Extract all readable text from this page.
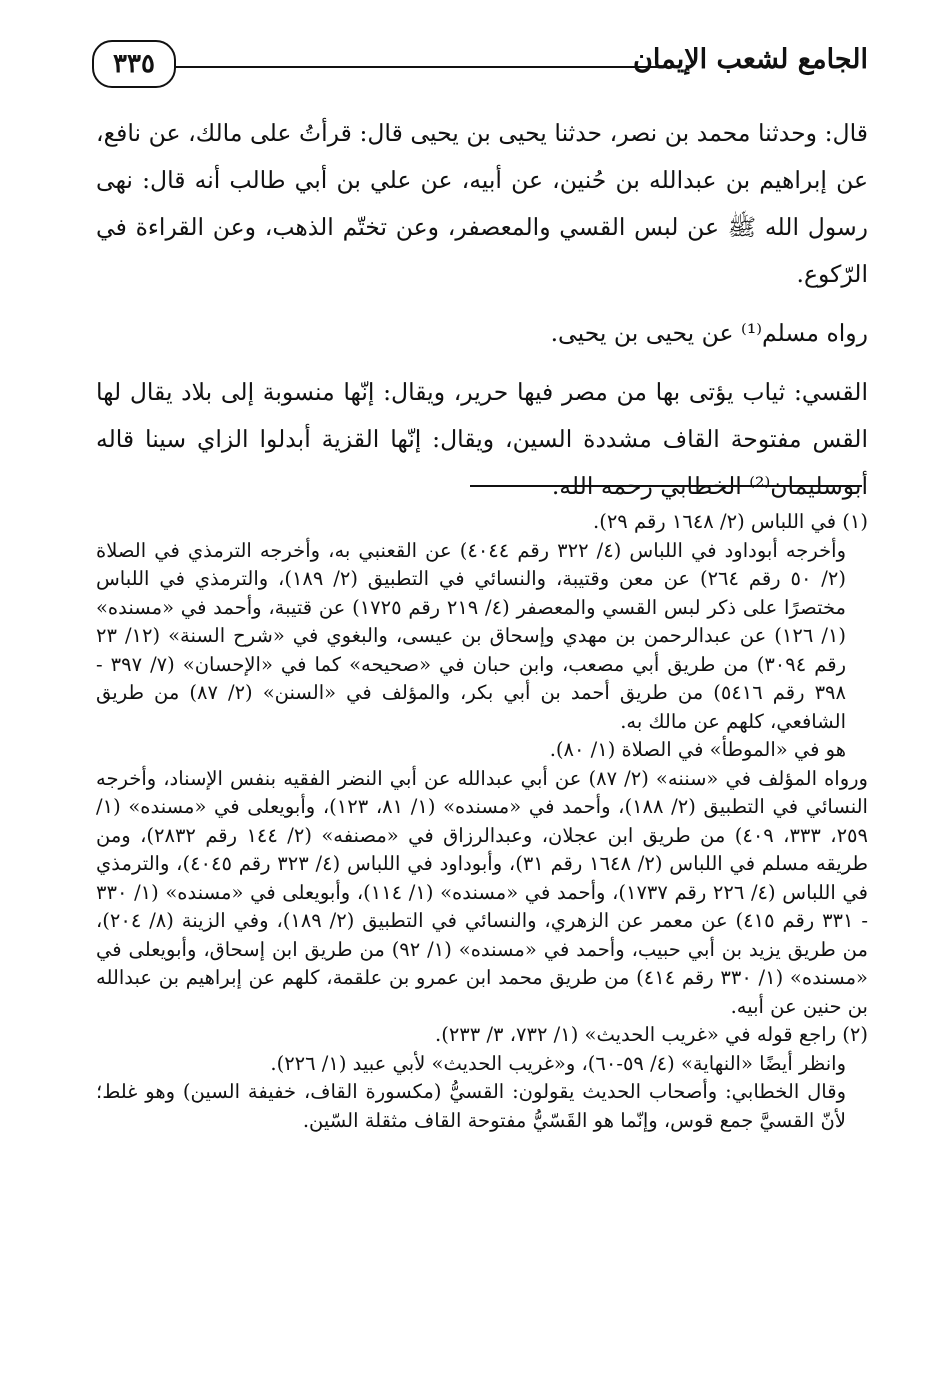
٣٣٥	الجامع لشعب الإيمان

قال: وحدثنا محمد بن نصر، حدثنا يحيى بن يحيى قال: قرأتُ على مالك، عن نافع، عن إبراهيم بن عبدالله بن حُنين، عن أبيه، عن علي بن أبي طالب أنه قال: نهى رسول الله ﷺ عن لبس القسي والمعصفر، وعن تختّم الذهب، وعن القراءة في الرّكوع.

رواه مسلم⁽¹⁾ عن يحيى بن يحيى.

القسي: ثياب يؤتى بها من مصر فيها حرير، ويقال: إنّها منسوبة إلى بلاد يقال لها القس مفتوحة القاف مشددة السين، ويقال: إنّها القزية أبدلوا الزاي سينا قاله أبوسليمان⁽²⁾ الخطابي رحمه الله.

(١) في اللباس (٢/ ١٦٤٨ رقم ٢٩).

وأخرجه أبوداود في اللباس (٤/ ٣٢٢ رقم ٤٠٤٤) عن القعنبي به، وأخرجه الترمذي في الصلاة (٢/ ٥٠ رقم ٢٦٤) عن معن وقتيبة، والنسائي في التطبيق (٢/ ١٨٩)، والترمذي في اللباس مختصرًا على ذكر لبس القسي والمعصفر (٤/ ٢١٩ رقم ١٧٢٥) عن قتيبة، وأحمد في «مسنده» (١/ ١٢٦) عن عبدالرحمن بن مهدي وإسحاق بن عيسى، والبغوي في «شرح السنة» (١٢/ ٢٣ رقم ٣٠٩٤) من طريق أبي مصعب، وابن حبان في «صحيحه» كما في «الإحسان» (٧/ ٣٩٧ - ٣٩٨ رقم ٥٤١٦) من طريق أحمد بن أبي بكر، والمؤلف في «السنن» (٢/ ٨٧) من طريق الشافعي، كلهم عن مالك به.

هو في «الموطأ» في الصلاة (١/ ٨٠).

ورواه المؤلف في «سننه» (٢/ ٨٧) عن أبي عبدالله عن أبي النضر الفقيه بنفس الإسناد، وأخرجه النسائي في التطبيق (٢/ ١٨٨)، وأحمد في «مسنده» (١/ ٨١، ١٢٣)، وأبويعلى في «مسنده» (١/ ٢٥٩، ٣٣٣، ٤٠٩) من طريق ابن عجلان، وعبدالرزاق في «مصنفه» (٢/ ١٤٤ رقم ٢٨٣٢)، ومن طريقه مسلم في اللباس (٢/ ١٦٤٨ رقم ٣١)، وأبوداود في اللباس (٤/ ٣٢٣ رقم ٤٠٤٥)، والترمذي في اللباس (٤/ ٢٢٦ رقم ١٧٣٧)، وأحمد في «مسنده» (١/ ١١٤)، وأبويعلى في «مسنده» (١/ ٣٣٠ - ٣٣١ رقم ٤١٥) عن معمر عن الزهري، والنسائي في التطبيق (٢/ ١٨٩)، وفي الزينة (٨/ ٢٠٤)، من طريق يزيد بن أبي حبيب، وأحمد في «مسنده» (١/ ٩٢) من طريق ابن إسحاق، وأبويعلى في «مسنده» (١/ ٣٣٠ رقم ٤١٤) من طريق محمد ابن عمرو بن علقمة، كلهم عن إبراهيم بن عبدالله بن حنين عن أبيه.

(٢) راجع قوله في «غريب الحديث» (١/ ٧٣٢، ٣/ ٢٣٣).

وانظر أيضًا «النهاية» (٤/ ٥٩-٦٠)، و«غريب الحديث» لأبي عبيد (١/ ٢٢٦).

وقال الخطابي: وأصحاب الحديث يقولون: القسيُّ (مكسورة القاف، خفيفة السين) وهو غلط؛ لأنّ القسيَّ جمع قوس، وإنّما هو القَسّيُّ مفتوحة القاف مثقلة السّين.
